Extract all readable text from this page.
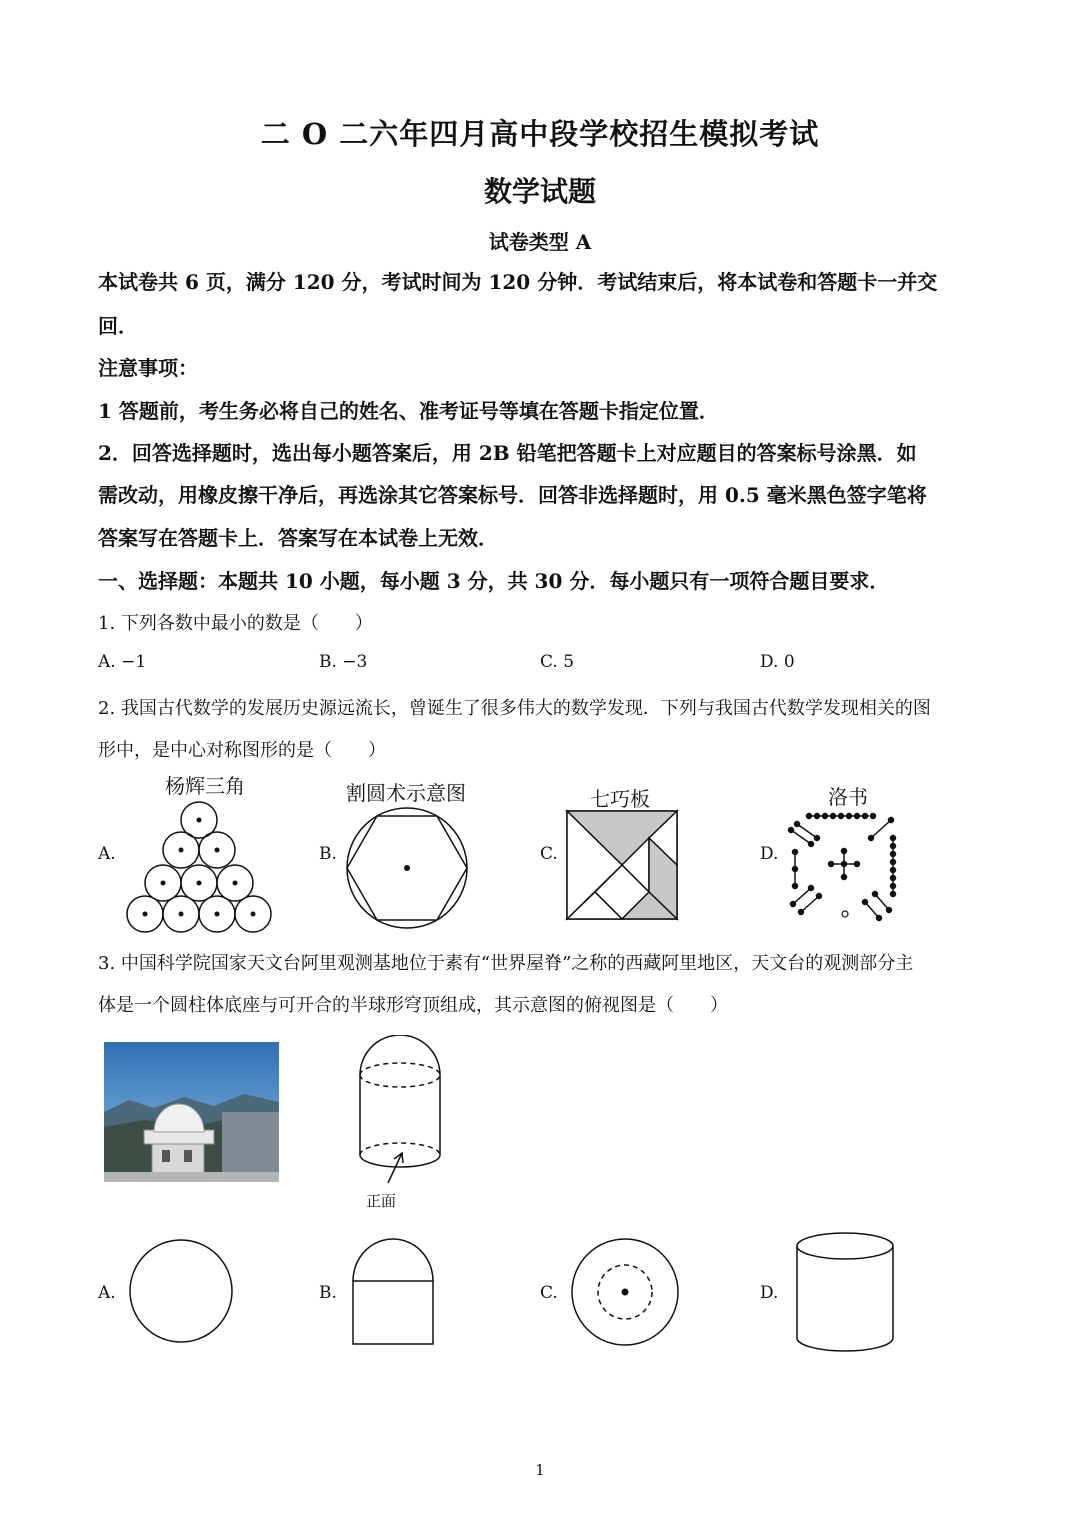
二 O 二六年四月高中段学校招生模拟考试
数学试题
试卷类型 A
本试卷共 6 页，满分 120 分，考试时间为 120 分钟．考试结束后，将本试卷和答题卡一并交
回．
注意事项：
1 答题前，考生务必将自己的姓名、准考证号等填在答题卡指定位置．
2．回答选择题时，选出每小题答案后，用 2B 铅笔把答题卡上对应题目的答案标号涂黑．如
需改动，用橡皮擦干净后，再选涂其它答案标号．回答非选择题时，用 0.5 毫米黑色签字笔将
答案写在答题卡上．答案写在本试卷上无效．
一、选择题：本题共 10 小题，每小题 3 分，共 30 分．每小题只有一项符合题目要求．
1. 下列各数中最小的数是（　　）
A. −1	B. −3	C. 5	D. 0
2. 我国古代数学的发展历史源远流长，曾诞生了很多伟大的数学发现．下列与我国古代数学发现相关的图
形中，是中心对称图形的是（　　）
杨辉三角	割圆术示意图	七巧板	洛书
A.	B.	C.	D.
3. 中国科学院国家天文台阿里观测基地位于素有“世界屋脊”之称的西藏阿里地区，天文台的观测部分主
体是一个圆柱体底座与可开合的半球形穹顶组成，其示意图的俯视图是（　　）
正面
A.	B.	C.	D.
1
